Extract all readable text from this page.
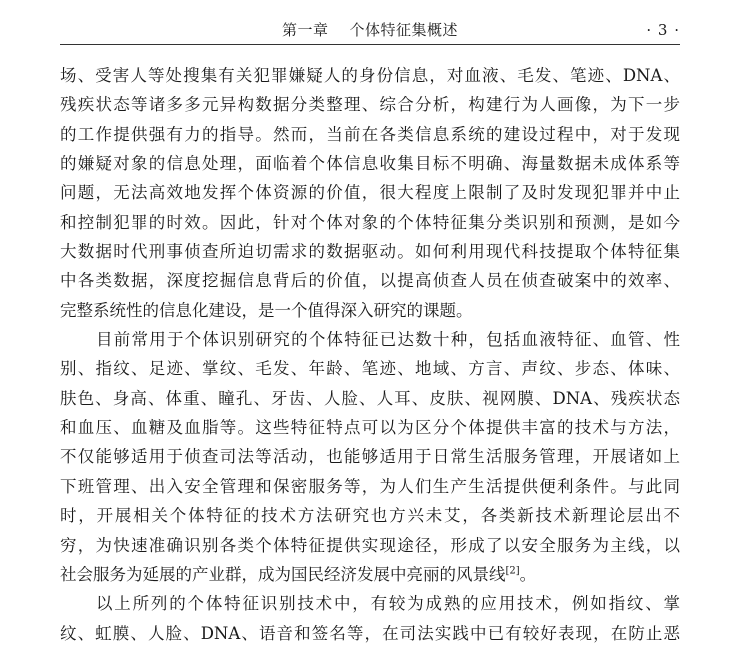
第一章 个体特征集概述	· 3 ·
场、受害人等处搜集有关犯罪嫌疑人的身份信息，对血液、毛发、笔迹、DNA、
残疾状态等诸多多元异构数据分类整理、综合分析，构建行为人画像，为下一步
的工作提供强有力的指导。然而，当前在各类信息系统的建设过程中，对于发现
的嫌疑对象的信息处理，面临着个体信息收集目标不明确、海量数据未成体系等
问题，无法高效地发挥个体资源的价值，很大程度上限制了及时发现犯罪并中止
和控制犯罪的时效。因此，针对个体对象的个体特征集分类识别和预测，是如今
大数据时代刑事侦查所迫切需求的数据驱动。如何利用现代科技提取个体特征集
中各类数据，深度挖掘信息背后的价值，以提高侦查人员在侦查破案中的效率、
完整系统性的信息化建设，是一个值得深入研究的课题。
目前常用于个体识别研究的个体特征已达数十种，包括血液特征、血管、性
别、指纹、足迹、掌纹、毛发、年龄、笔迹、地域、方言、声纹、步态、体味、
肤色、身高、体重、瞳孔、牙齿、人脸、人耳、皮肤、视网膜、DNA、残疾状态
和血压、血糖及血脂等。这些特征特点可以为区分个体提供丰富的技术与方法，
不仅能够适用于侦查司法等活动，也能够适用于日常生活服务管理，开展诸如上
下班管理、出入安全管理和保密服务等，为人们生产生活提供便利条件。与此同
时，开展相关个体特征的技术方法研究也方兴未艾，各类新技术新理论层出不
穷，为快速准确识别各类个体特征提供实现途径，形成了以安全服务为主线，以
社会服务为延展的产业群，成为国民经济发展中亮丽的风景线[2]。
以上所列的个体特征识别技术中，有较为成熟的应用技术，例如指纹、掌
纹、虹膜、人脸、DNA、语音和签名等，在司法实践中已有较好表现，在防止恶
